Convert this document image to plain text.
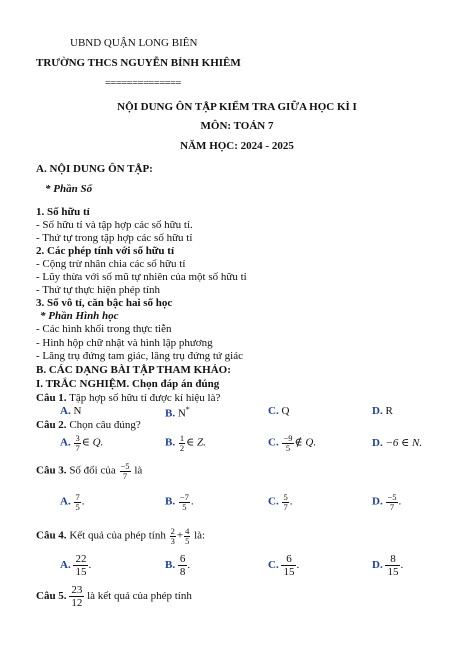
UBND QUẬN LONG BIÊN
TRƯỜNG THCS NGUYỄN BỈNH KHIÊM
==============
NỘI DUNG ÔN TẬP KIỂM TRA GIỮA HỌC KÌ I
MÔN: TOÁN 7
NĂM HỌC: 2024 - 2025
A. NỘI DUNG ÔN TẬP:
* Phần Số
1. Số hữu tỉ
- Số hữu tỉ và tập hợp các số hữu tỉ.
- Thứ tự trong tập hợp các số hữu tỉ
2. Các phép tính với số hữu tỉ
- Cộng trừ nhân chia các số hữu tỉ
- Lũy thừa với số mũ tự nhiên của một số hữu tỉ
- Thứ tự thực hiện phép tính
3. Số vô tỉ, căn bậc hai số học
* Phần Hình học
- Các hình khối trong thực tiễn
- Hình hộp chữ nhật và hình lập phương
- Lăng trụ đứng tam giác, lăng trụ đứng tứ giác
B. CÁC DẠNG BÀI TẬP THAM KHẢO:
I. TRẮC NGHIỆM. Chọn đáp án đúng
Câu 1. Tập hợp số hữu tỉ được kí hiệu là?
A. N	B. N*	C. Q	D. R
Câu 2. Chọn câu đúng?
A. $\frac{3}{7}$ ∈ Q.	B. $\frac{1}{2}$ ∈ Z.	C. $\frac{-9}{5}$ ∉ Q.	D. −6 ∈ N.
Câu 3. Số đối của $\frac{-5}{7}$ là
A. $\frac{7}{5}$ .	B. $\frac{-7}{5}$ .	C. $\frac{5}{7}$ .	D. $\frac{-5}{7}$ .
Câu 4. Kết quả của phép tính $\frac{2}{3} + \frac{4}{5}$ là:
A. $\frac{22}{15}$ .	B. $\frac{6}{8}$ .	C. $\frac{6}{15}$ .	D. $\frac{8}{15}$ .
Câu 5. $\frac{23}{12}$ là kết quả của phép tính
